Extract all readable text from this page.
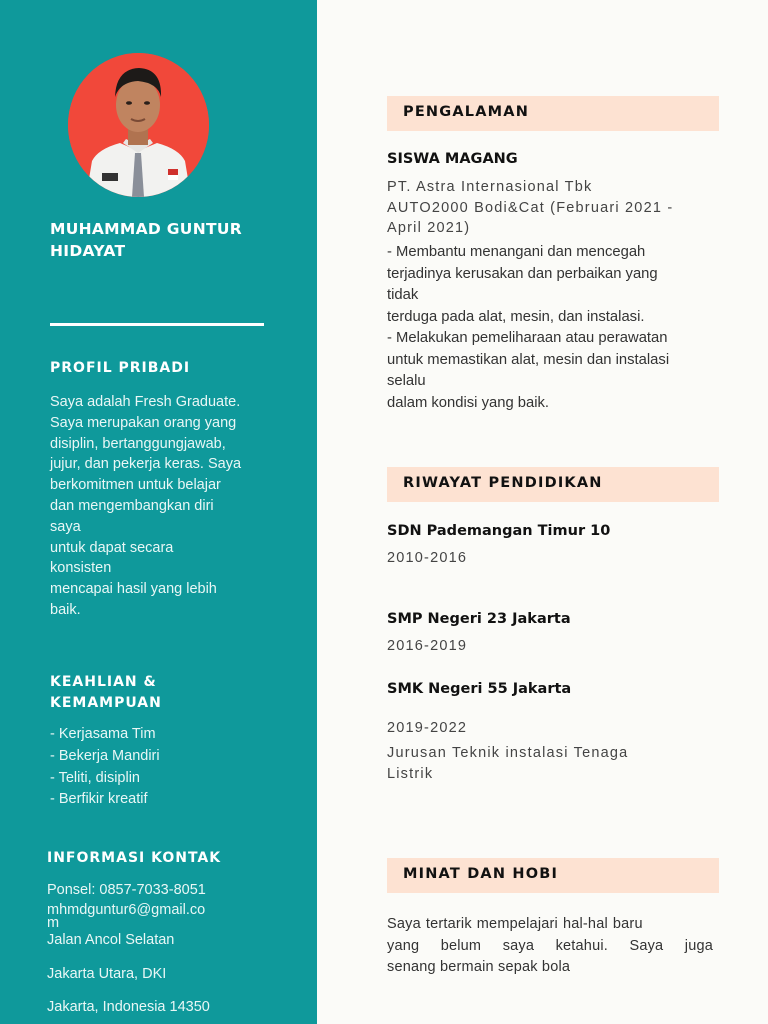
MUHAMMAD GUNTUR
HIDAYAT
PROFIL PRIBADI
Saya adalah Fresh Graduate.
Saya merupakan orang yang
disiplin, bertanggungjawab,
jujur, dan pekerja keras. Saya
berkomitmen untuk belajar
dan mengembangkan diri
saya
untuk dapat secara
konsisten
mencapai hasil yang lebih
baik.
KEAHLIAN &
KEMAMPUAN
- Kerjasama Tim
- Bekerja Mandiri
- Teliti, disiplin
- Berfikir kreatif
INFORMASI KONTAK
Ponsel: 0857-7033-8051
mhmdguntur6@gmail.co
m
Jalan Ancol Selatan
Jakarta Utara, DKI
Jakarta, Indonesia 14350
PENGALAMAN
SISWA MAGANG
PT. Astra Internasional Tbk
AUTO2000 Bodi&Cat (Februari 2021 -
April 2021)
- Membantu menangani dan mencegah
terjadinya kerusakan dan perbaikan yang
tidak
terduga pada alat, mesin, dan instalasi.
- Melakukan pemeliharaan atau perawatan
untuk memastikan alat, mesin dan instalasi
selalu
dalam kondisi yang baik.
RIWAYAT PENDIDIKAN
SDN Pademangan Timur 10
2010-2016
SMP Negeri 23 Jakarta
2016-2019
SMK Negeri 55 Jakarta
2019-2022
Jurusan Teknik instalasi Tenaga
Listrik
MINAT DAN HOBI
Saya tertarik mempelajari hal-hal baru
yang belum saya ketahui. Saya juga
senang bermain sepak bola
